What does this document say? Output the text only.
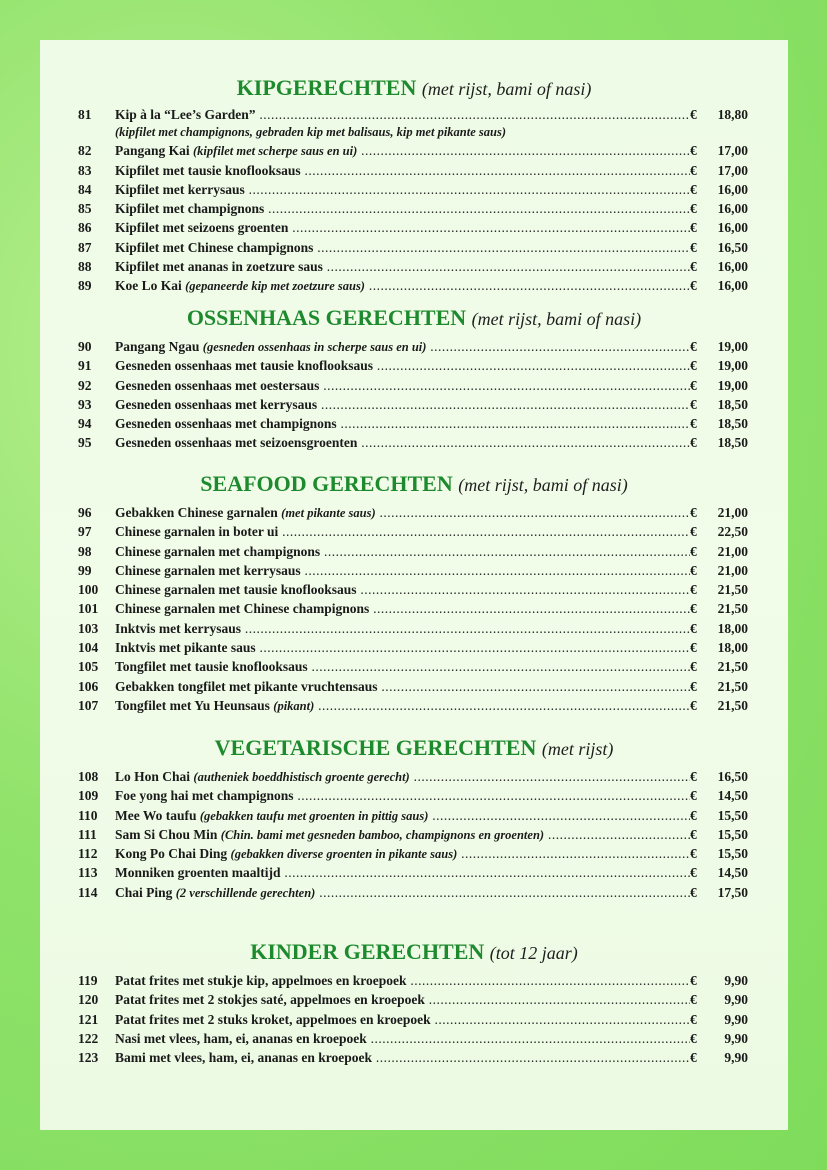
KIPGERECHTEN (met rijst, bami of nasi)
81	Kip à la “Lee’s Garden” .....	€	18,80
(kipfilet met champignons, gebraden kip met balisaus, kip met pikante saus)
82	Pangang Kai (kipfilet met scherpe saus en ui) .....	€	17,00
83	Kipfilet met tausie knoflooksaus .....	€	17,00
84	Kipfilet met kerrysaus .....	€	16,00
85	Kipfilet met champignons .....	€	16,00
86	Kipfilet met seizoens groenten .....	€	16,00
87	Kipfilet met Chinese champignons .....	€	16,50
88	Kipfilet met ananas in zoetzure saus .....	€	16,00
89	Koe Lo Kai (gepaneerde kip met zoetzure saus) .....	€	16,00
OSSENHAAS GERECHTEN (met rijst, bami of nasi)
90	Pangang Ngau (gesneden ossenhaas in scherpe saus en ui) .....	€	19,00
91	Gesneden ossenhaas met tausie knoflooksaus .....	€	19,00
92	Gesneden ossenhaas met oestersaus .....	€	19,00
93	Gesneden ossenhaas met kerrysaus .....	€	18,50
94	Gesneden ossenhaas met champignons .....	€	18,50
95	Gesneden ossenhaas met seizoensgroenten .....	€	18,50
SEAFOOD GERECHTEN (met rijst, bami of nasi)
96	Gebakken Chinese garnalen (met pikante saus) .....	€	21,00
97	Chinese garnalen in boter ui .....	€	22,50
98	Chinese garnalen met champignons .....	€	21,00
99	Chinese garnalen met kerrysaus .....	€	21,00
100	Chinese garnalen met tausie knoflooksaus .....	€	21,50
101	Chinese garnalen met Chinese champignons .....	€	21,50
103	Inktvis met kerrysaus .....	€	18,00
104	Inktvis met pikante saus .....	€	18,00
105	Tongfilet met tausie knoflooksaus .....	€	21,50
106	Gebakken tongfilet met pikante vruchtensaus .....	€	21,50
107	Tongfilet met Yu Heunsaus (pikant) .....	€	21,50
VEGETARISCHE GERECHTEN (met rijst)
108	Lo Hon Chai (autheniek boeddhistisch groente gerecht) .....	€	16,50
109	Foe yong hai met champignons .....	€	14,50
110	Mee Wo taufu (gebakken taufu met groenten in pittig saus) .....	€	15,50
111	Sam Si Chou Min (Chin. bami met gesneden bamboo, champignons en groenten) .....	€	15,50
112	Kong Po Chai Ding (gebakken diverse groenten in pikante saus) .....	€	15,50
113	Monniken groenten maaltijd .....	€	14,50
114	Chai Ping (2 verschillende gerechten) .....	€	17,50
KINDER GERECHTEN (tot 12 jaar)
119	Patat frites met stukje kip, appelmoes en kroepoek .....	€	9,90
120	Patat frites met 2 stokjes saté, appelmoes en kroepoek .....	€	9,90
121	Patat frites met 2 stuks kroket, appelmoes en kroepoek .....	€	9,90
122	Nasi met vlees, ham, ei, ananas en kroepoek .....	€	9,90
123	Bami met vlees, ham, ei, ananas en kroepoek .....	€	9,90
